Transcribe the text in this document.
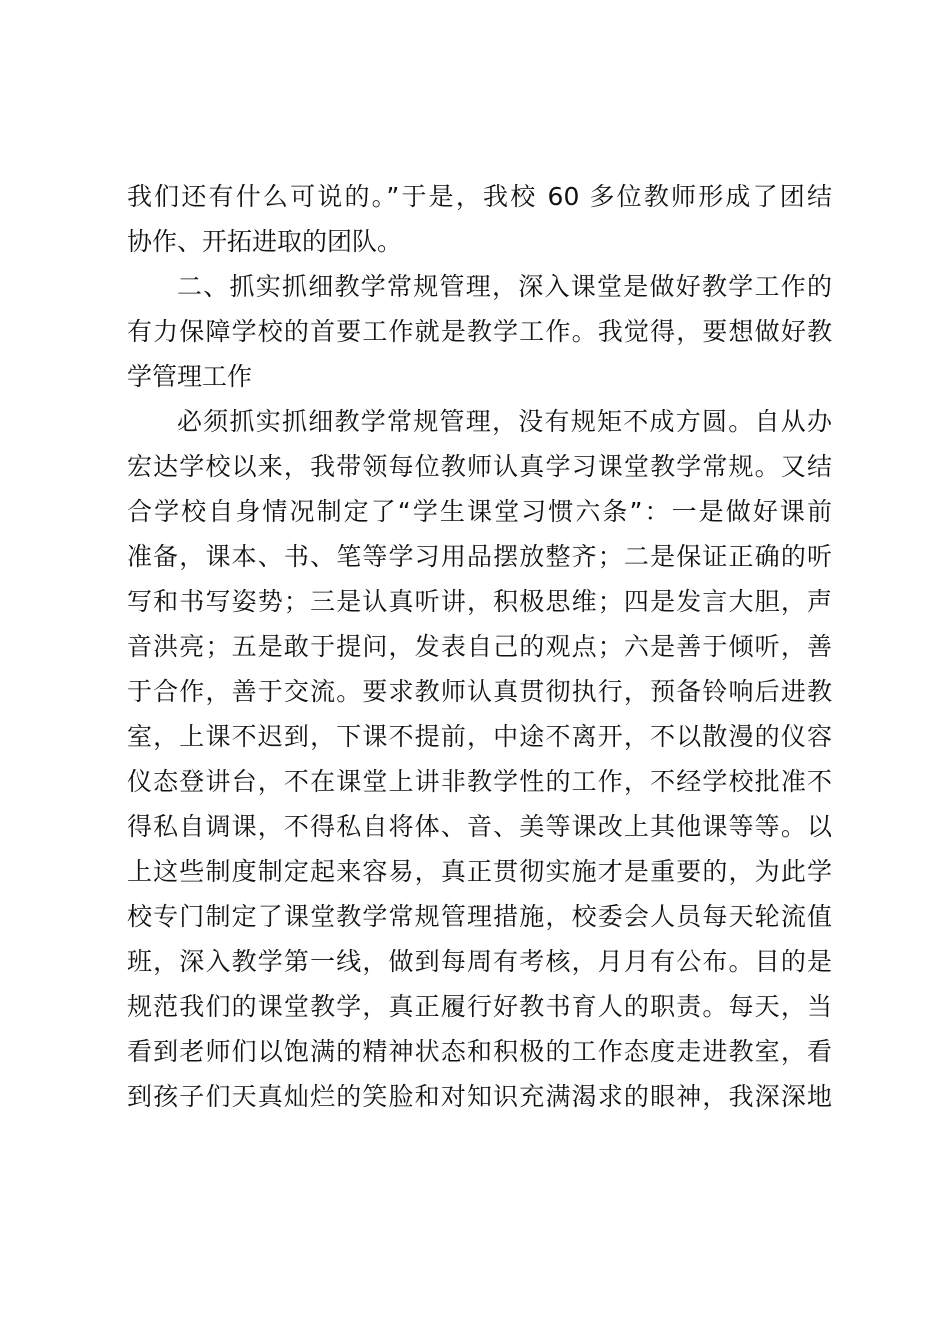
我们还有什么可说的。”于是，我校 60 多位教师形成了团结
协作、开拓进取的团队。
二、抓实抓细教学常规管理，深入课堂是做好教学工作的
有力保障学校的首要工作就是教学工作。我觉得，要想做好教
学管理工作
必须抓实抓细教学常规管理，没有规矩不成方圆。自从办
宏达学校以来，我带领每位教师认真学习课堂教学常规。又结
合学校自身情况制定了“学生课堂习惯六条”：一是做好课前
准备，课本、书、笔等学习用品摆放整齐；二是保证正确的听
写和书写姿势；三是认真听讲，积极思维；四是发言大胆，声
音洪亮；五是敢于提问，发表自己的观点；六是善于倾听，善
于合作，善于交流。要求教师认真贯彻执行，预备铃响后进教
室，上课不迟到，下课不提前，中途不离开，不以散漫的仪容
仪态登讲台，不在课堂上讲非教学性的工作，不经学校批准不
得私自调课，不得私自将体、音、美等课改上其他课等等。以
上这些制度制定起来容易，真正贯彻实施才是重要的，为此学
校专门制定了课堂教学常规管理措施，校委会人员每天轮流值
班，深入教学第一线，做到每周有考核，月月有公布。目的是
规范我们的课堂教学，真正履行好教书育人的职责。每天，当
看到老师们以饱满的精神状态和积极的工作态度走进教室，看
到孩子们天真灿烂的笑脸和对知识充满渴求的眼神，我深深地
